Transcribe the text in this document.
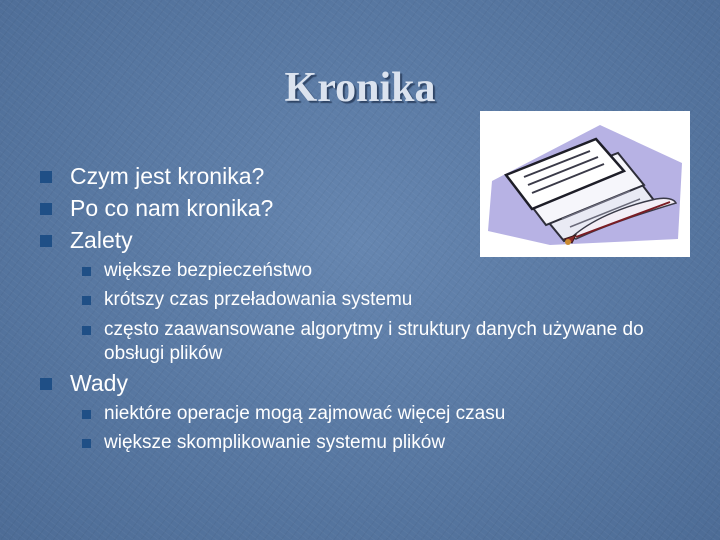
Kronika
Czym jest kronika?
Po co nam kronika?
Zalety
większe bezpieczeństwo
krótszy czas przeładowania systemu
często zaawansowane algorytmy i struktury danych używane do obsługi plików
Wady
niektóre operacje mogą zajmować więcej czasu
większe skomplikowanie systemu plików
